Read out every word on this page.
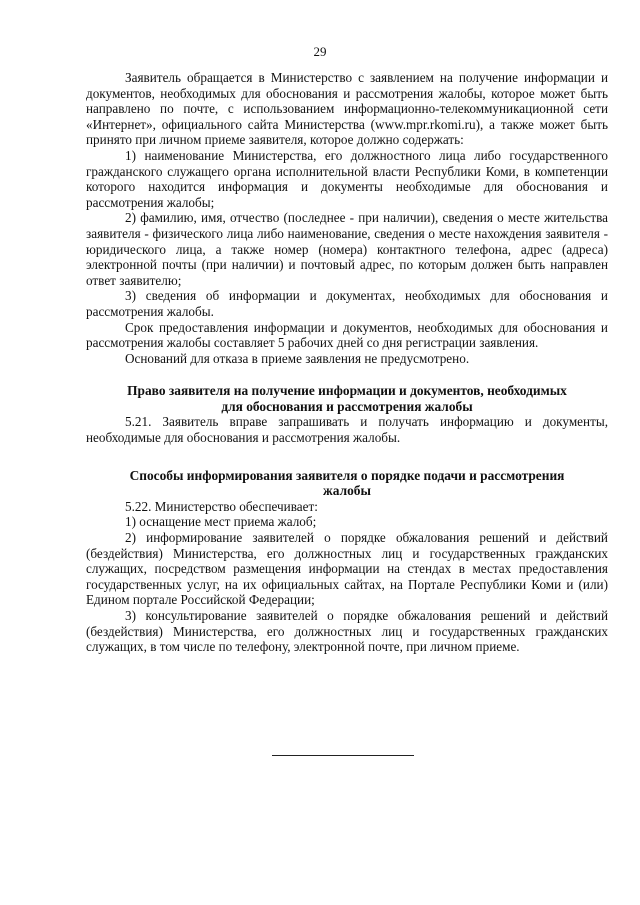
29

Заявитель обращается в Министерство с заявлением на получение информации и документов, необходимых для обоснования и рассмотрения жалобы, которое может быть направлено по почте, с использованием информационно-телекоммуникационной сети «Интернет», официального сайта Министерства (www.mpr.rkomi.ru), а также может быть принято при личном приеме заявителя, которое должно содержать:

1) наименование Министерства, его должностного лица либо государственного гражданского служащего органа исполнительной власти Республики Коми, в компетенции которого находится информация и документы необходимые для обоснования и рассмотрения жалобы;

2) фамилию, имя, отчество (последнее - при наличии), сведения о месте жительства заявителя - физического лица либо наименование, сведения о месте нахождения заявителя - юридического лица, а также номер (номера) контактного телефона, адрес (адреса) электронной почты (при наличии) и почтовый адрес, по которым должен быть направлен ответ заявителю;

3) сведения об информации и документах, необходимых для обоснования и рассмотрения жалобы.

Срок предоставления информации и документов, необходимых для обоснования и рассмотрения жалобы составляет 5 рабочих дней со дня регистрации заявления.

Оснований для отказа в приеме заявления не предусмотрено.

Право заявителя на получение информации и документов, необходимых для обоснования и рассмотрения жалобы

5.21. Заявитель вправе запрашивать и получать информацию и документы, необходимые для обоснования и рассмотрения жалобы.

Способы информирования заявителя о порядке подачи и рассмотрения жалобы

5.22. Министерство обеспечивает:

1) оснащение мест приема жалоб;

2) информирование заявителей о порядке обжалования решений и действий (бездействия) Министерства, его должностных лиц и государственных гражданских служащих, посредством размещения информации на стендах в местах предоставления государственных услуг, на их официальных сайтах, на Портале Республики Коми и (или) Едином портале Российской Федерации;

3) консультирование заявителей о порядке обжалования решений и действий (бездействия) Министерства, его должностных лиц и государственных гражданских служащих, в том числе по телефону, электронной почте, при личном приеме.
